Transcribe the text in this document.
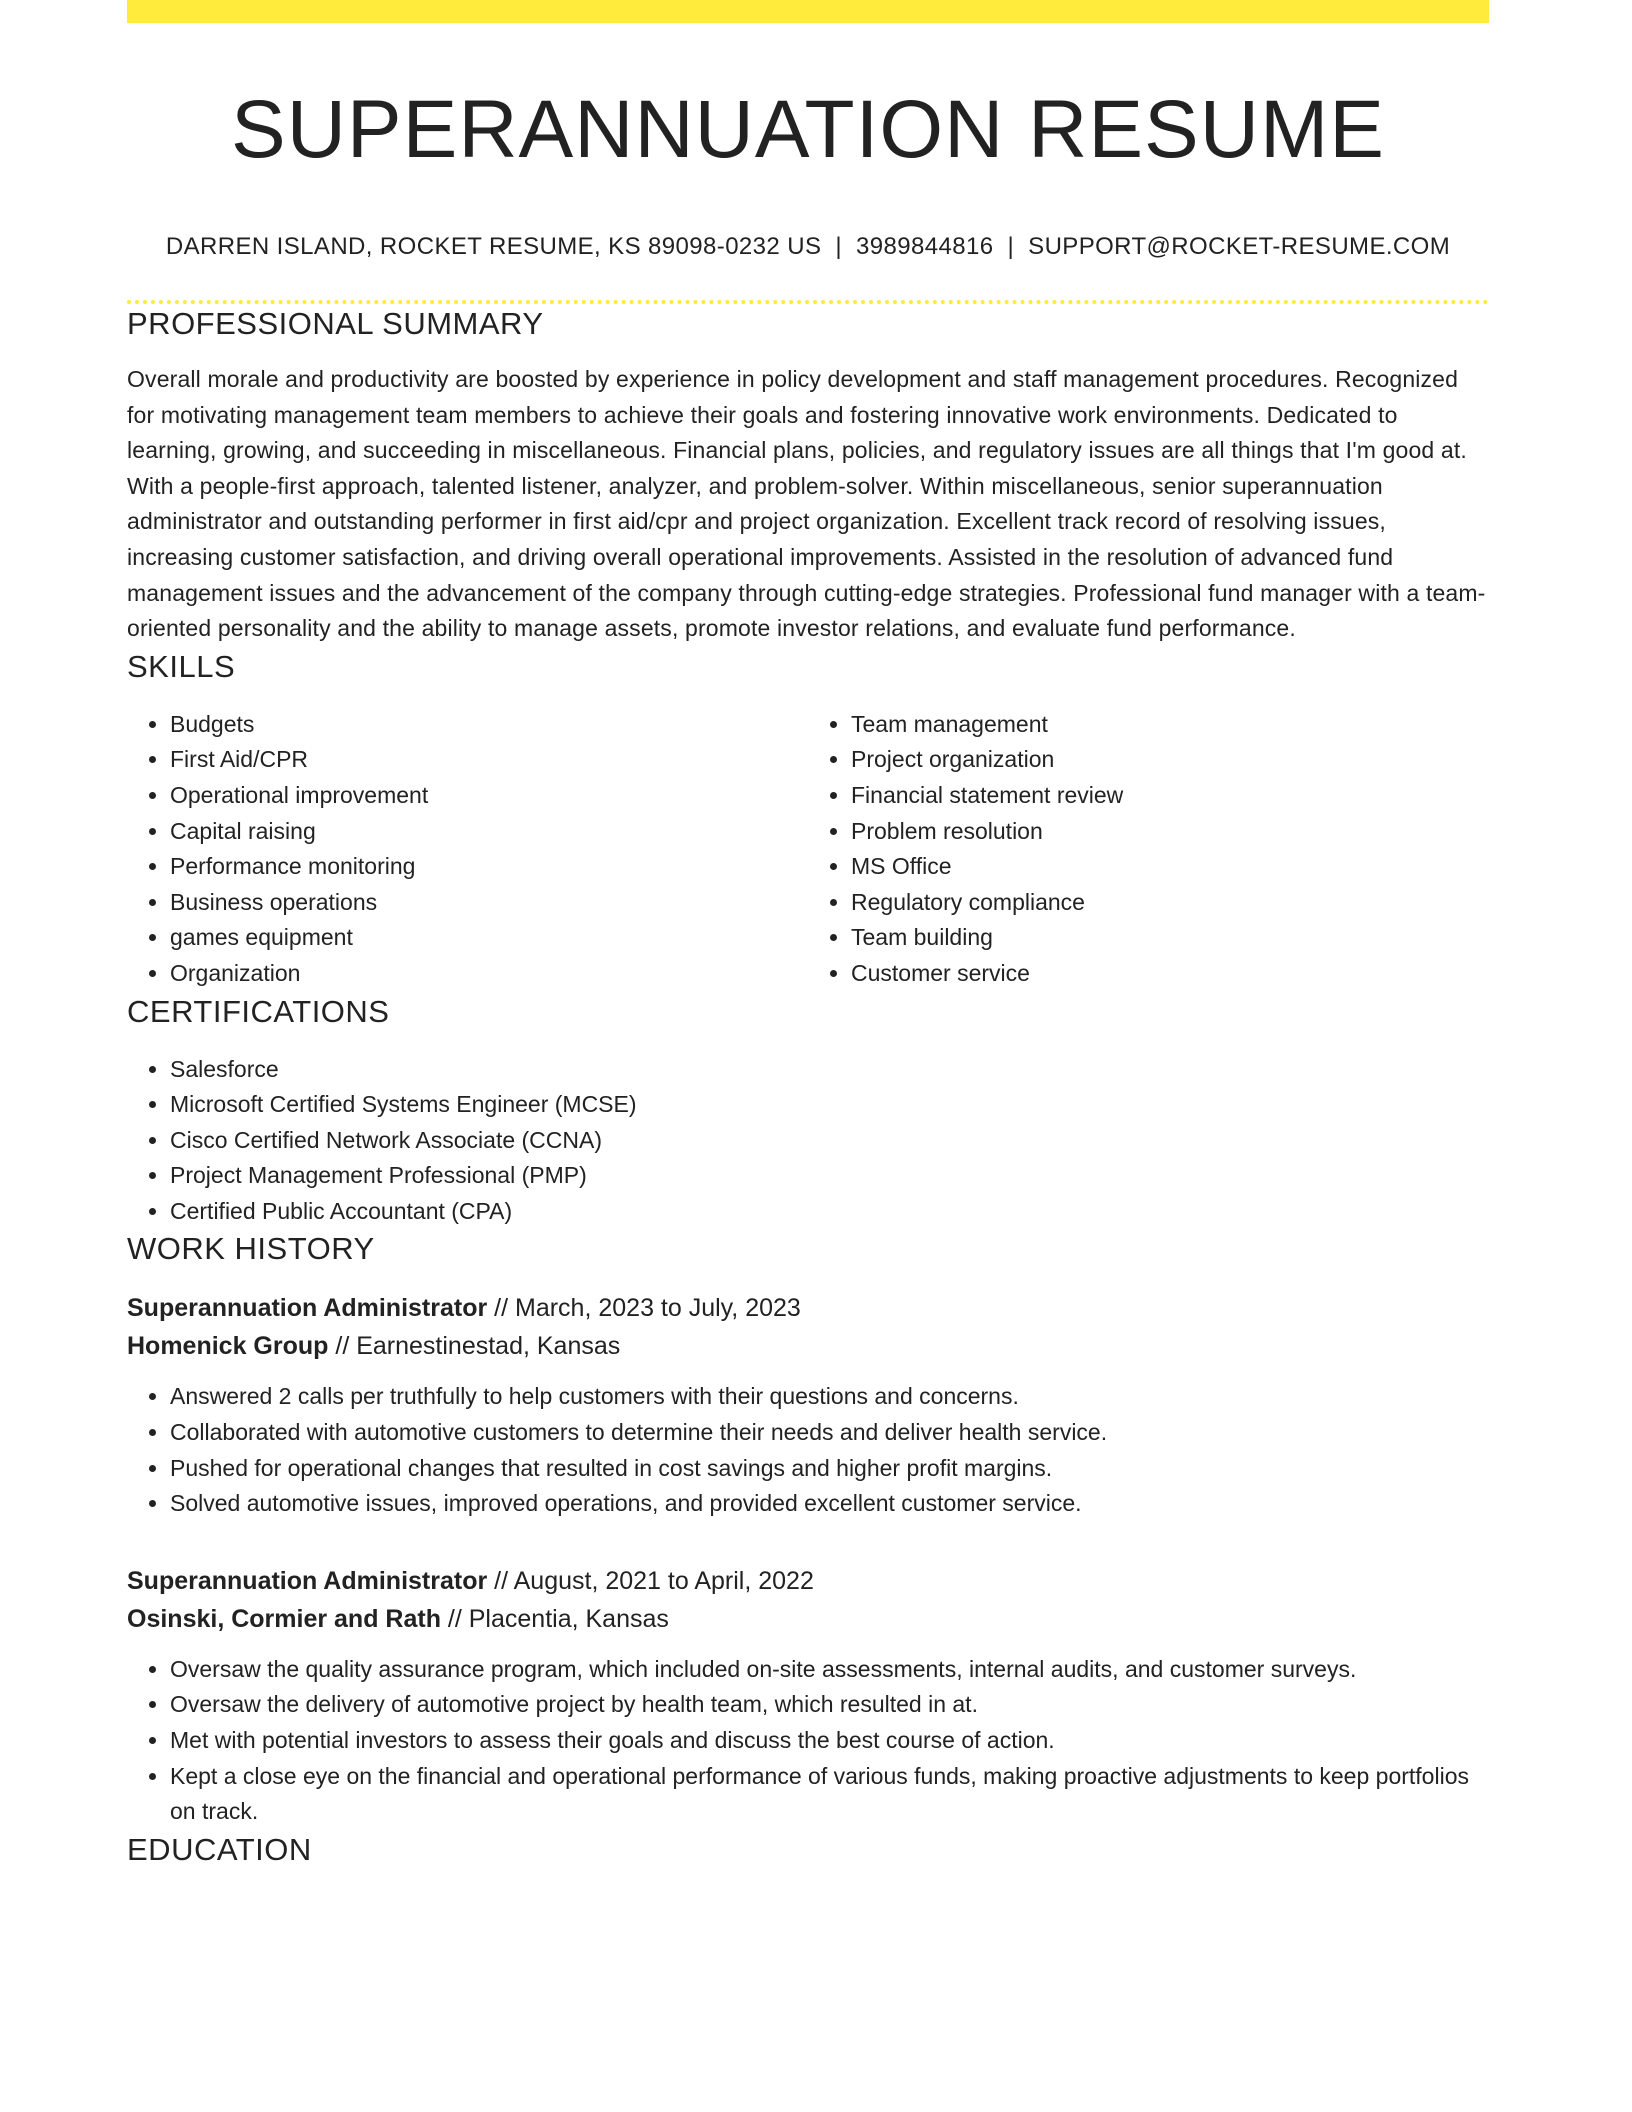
SUPERANNUATION RESUME
DARREN ISLAND, ROCKET RESUME, KS 89098-0232 US | 3989844816 | SUPPORT@ROCKET-RESUME.COM
PROFESSIONAL SUMMARY

Overall morale and productivity are boosted by experience in policy development and staff management procedures. Recognized for motivating management team members to achieve their goals and fostering innovative work environments. Dedicated to learning, growing, and succeeding in miscellaneous. Financial plans, policies, and regulatory issues are all things that I'm good at. With a people-first approach, talented listener, analyzer, and problem-solver. Within miscellaneous, senior superannuation administrator and outstanding performer in first aid/cpr and project organization. Excellent track record of resolving issues, increasing customer satisfaction, and driving overall operational improvements. Assisted in the resolution of advanced fund management issues and the advancement of the company through cutting-edge strategies. Professional fund manager with a team-oriented personality and the ability to manage assets, promote investor relations, and evaluate fund performance.

SKILLS
• Budgets
• First Aid/CPR
• Operational improvement
• Capital raising
• Performance monitoring
• Business operations
• games equipment
• Organization
• Team management
• Project organization
• Financial statement review
• Problem resolution
• MS Office
• Regulatory compliance
• Team building
• Customer service
CERTIFICATIONS
• Salesforce
• Microsoft Certified Systems Engineer (MCSE)
• Cisco Certified Network Associate (CCNA)
• Project Management Professional (PMP)
• Certified Public Accountant (CPA)
WORK HISTORY
Superannuation Administrator // March, 2023 to July, 2023
Homenick Group // Earnestinestad, Kansas
• Answered 2 calls per truthfully to help customers with their questions and concerns.
• Collaborated with automotive customers to determine their needs and deliver health service.
• Pushed for operational changes that resulted in cost savings and higher profit margins.
• Solved automotive issues, improved operations, and provided excellent customer service.
Superannuation Administrator // August, 2021 to April, 2022
Osinski, Cormier and Rath // Placentia, Kansas
• Oversaw the quality assurance program, which included on-site assessments, internal audits, and customer surveys.
• Oversaw the delivery of automotive project by health team, which resulted in at.
• Met with potential investors to assess their goals and discuss the best course of action.
• Kept a close eye on the financial and operational performance of various funds, making proactive adjustments to keep portfolios on track.
EDUCATION
